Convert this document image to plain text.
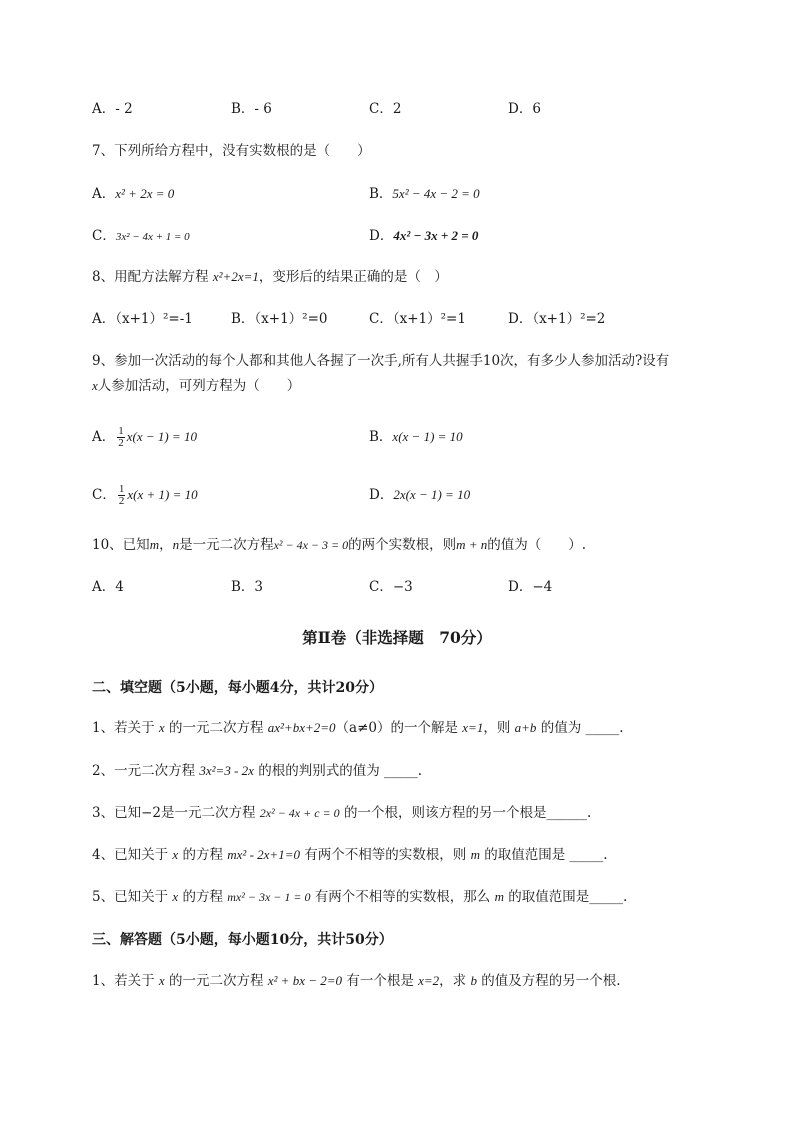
A．- 2	B．- 6	C．2	D．6
7、下列所给方程中，没有实数根的是（　　）
A．x² + 2x = 0	B．5x² − 4x − 2 = 0
C．3x² − 4x + 1 = 0	D．4x² − 3x + 2 = 0
8、用配方法解方程 x²+2x=1，变形后的结果正确的是（　）
A．（x+1）²=-1	B．（x+1）²=0	C．（x+1）²=1	D．（x+1）²=2
9、参加一次活动的每个人都和其他人各握了一次手,所有人共握手10次，有多少人参加活动?设有
x人参加活动，可列方程为（　　）
A． $\frac{1}{2} x(x - 1) = 10$	B．x(x − 1) = 10
C． $\frac{1}{2} x(x + 1) = 10$	D．2x(x − 1) = 10
10、已知m，n是一元二次方程x² − 4x − 3 = 0的两个实数根，则m + n的值为（　　）.
A．4	B．3	C．−3	D．−4
第Ⅱ卷（非选择题　70分）
二、填空题（5小题，每小题4分，共计20分）
1、若关于 x 的一元二次方程 ax²+bx+2=0（a≠0）的一个解是 x=1，则 a+b 的值为 _____.
2、一元二次方程 3x²=3 - 2x 的根的判别式的值为 _____.
3、已知−2是一元二次方程 2x² − 4x + c = 0 的一个根，则该方程的另一个根是______.
4、已知关于 x 的方程 mx² - 2x+1=0 有两个不相等的实数根，则 m 的取值范围是 _____.
5、已知关于 x 的方程 mx² − 3x − 1 = 0 有两个不相等的实数根，那么 m 的取值范围是_____.
三、解答题（5小题，每小题10分，共计50分）
1、若关于 x 的一元二次方程 x² + bx − 2=0 有一个根是 x=2，求 b 的值及方程的另一个根.
